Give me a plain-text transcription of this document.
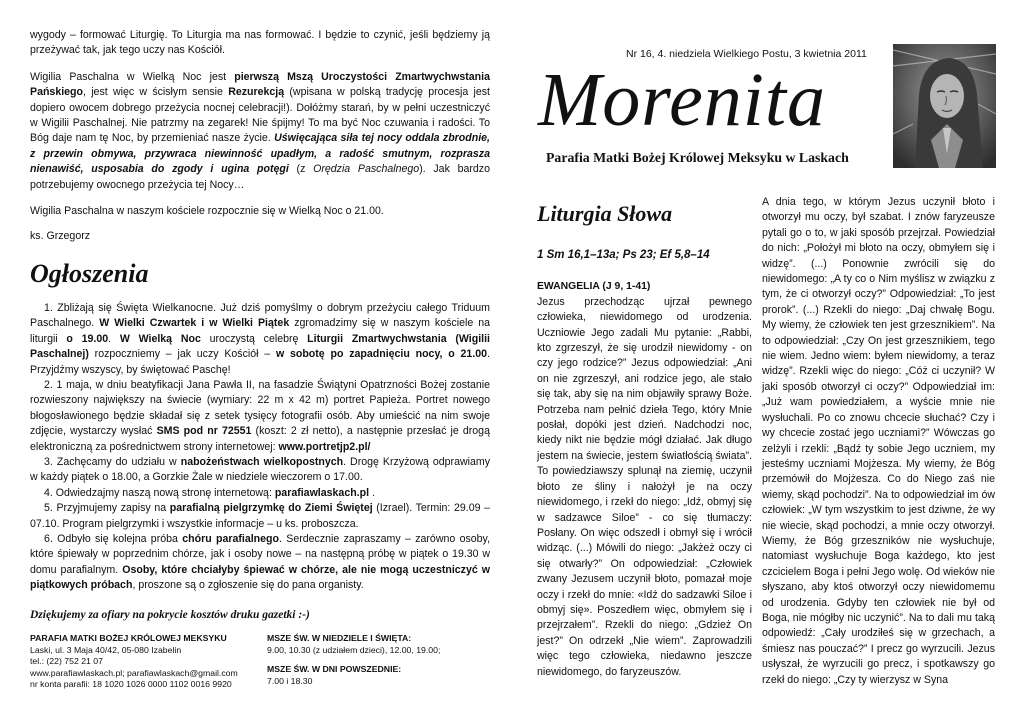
wygody – formować Liturgię. To Liturgia ma nas formować. I będzie to czynić, jeśli będziemy ją przeżywać tak, jak tego uczy nas Kościół.

Wigilia Paschalna w Wielką Noc jest pierwszą Mszą Uroczystości Zmartwychwstania Pańskiego, jest więc w ścisłym sensie Rezurekcją (wpisana w polską tradycję procesja jest dopiero owocem dobrego przeżycia nocnej celebracji!). Dołóżmy starań, by w pełni uczestniczyć w Wigilii Paschalnej. Nie patrzmy na zegarek! Nie śpijmy! To ma być Noc czuwania i radości. To Bóg daje nam tę Noc, by przemieniać nasze życie. Uświęcająca siła tej nocy oddala zbrodnie, z przewin obmywa, przywraca niewinność upadłym, a radość smutnym, rozprasza nienawiść, usposabia do zgody i ugina potęgi (z Orędzia Paschalnego). Jak bardzo potrzebujemy owocnego przeżycia tej Nocy…

Wigilia Paschalna w naszym kościele rozpocznie się w Wielką Noc o 21.00.

ks. Grzegorz

Ogłoszenia

1. Zbliżają się Święta Wielkanocne. Już dziś pomyślmy o dobrym przeżyciu całego Triduum Paschalnego. W Wielki Czwartek i w Wielki Piątek zgromadzimy się w naszym kościele na liturgii o 19.00. W Wielką Noc uroczystą celebrę Liturgii Zmartwychwstania (Wigilii Paschalnej) rozpoczniemy – jak uczy Kościół – w sobotę po zapadnięciu nocy, o 21.00. Przyjdźmy wszyscy, by świętować Paschę!

2. 1 maja, w dniu beatyfikacji Jana Pawła II, na fasadzie Świątyni Opatrzności Bożej zostanie rozwieszony największy na świecie (wymiary: 22 m x 42 m) portret Papieża. Portret nowego błogosławionego będzie składał się z setek tysięcy fotografii osób. Aby umieścić na nim swoje zdjęcie, wystarczy wysłać SMS pod nr 72551 (koszt: 2 zł netto), a następnie przesłać je drogą elektroniczną za pośrednictwem strony internetowej: www.portretjp2.pl/

3. Zachęcamy do udziału w nabożeństwach wielkopostnych. Drogę Krzyżową odprawiamy w każdy piątek o 18.00, a Gorzkie Żale w niedziele wieczorem o 17.00.

4. Odwiedzajmy naszą nową stronę internetową: parafiawlaskach.pl .

5. Przyjmujemy zapisy na parafialną pielgrzymkę do Ziemi Świętej (Izrael). Termin: 29.09 – 07.10. Program pielgrzymki i wszystkie informacje – u ks. proboszcza.

6. Odbyło się kolejna próba chóru parafialnego. Serdecznie zapraszamy – zarówno osoby, które śpiewały w poprzednim chórze, jak i osoby nowe – na następną próbę w piątek o 19.30 w domu parafialnym. Osoby, które chciałyby śpiewać w chórze, ale nie mogą uczestniczyć w piątkowych próbach, proszone są o zgłoszenie się do pana organisty.

Dziękujemy za ofiary na pokrycie kosztów druku gazetki :-)

PARAFIA MATKI BOŻEJ KRÓLOWEJ MEKSYKU
Laski, ul. 3 Maja 40/42, 05-080 Izabelin
tel.: (22) 752 21 07
www.parafiawlaskach.pl; parafiawlaskach@gmail.com
nr konta parafii: 18 1020 1026 0000 1102 0016 9920
MSZE ŚW. W NIEDZIELE I ŚWIĘTA:
9.00, 10.30 (z udziałem dzieci), 12.00, 19.00;
MSZE ŚW. W DNI POWSZEDNIE:
7.00 i 18.30
Nr 16, 4. niedziela Wielkiego Postu, 3 kwietnia 2011
Morenita
Parafia Matki Bożej Królowej Meksyku w Laskach
Liturgia Słowa
1 Sm 16,1–13a; Ps 23; Ef 5,8–14
EWANGELIA (J 9, 1-41)

Jezus przechodząc ujrzał pewnego człowieka, niewidomego od urodzenia. Uczniowie Jego zadali Mu pytanie: „Rabbi, kto zgrzeszył, że się urodził niewidomy - on czy jego rodzice?” Jezus odpowiedział: „Ani on nie zgrzeszył, ani rodzice jego, ale stało się tak, aby się na nim objawiły sprawy Boże. Potrzeba nam pełnić dzieła Tego, który Mnie posłał, dopóki jest dzień. Nadchodzi noc, kiedy nikt nie będzie mógł działać. Jak długo jestem na świecie, jestem światłością świata”. To powiedziawszy splunął na ziemię, uczynił błoto ze śliny i nałożył je na oczy niewidomego, i rzekł do niego: „Idź, obmyj się w sadzawce Siloe” - co się tłumaczy: Posłany. On więc odszedł i obmył się i wrócił widząc. (...) Mówili do niego: „Jakżeż oczy ci się otwarły?” On odpowiedział: „Człowiek zwany Jezusem uczynił błoto, pomazał moje oczy i rzekł do mnie: «Idź do sadzawki Siloe i obmyj się». Poszedłem więc, obmyłem się i przejrzałem”. Rzekli do niego: „Gdzież On jest?” On odrzekł „Nie wiem”. Zaprowadzili więc tego człowieka, niedawno jeszcze niewidomego, do faryzeuszów.

A dnia tego, w którym Jezus uczynił błoto i otworzył mu oczy, był szabat. I znów faryzeusze pytali go o to, w jaki sposób przejrzał. Powiedział do nich: „Położył mi błoto na oczy, obmyłem się i widzę”. (...) Ponownie zwrócili się do niewidomego: „A ty co o Nim myślisz w związku z tym, że ci otworzył oczy?” Odpowiedział: „To jest prorok”. (...) Rzekli do niego: „Daj chwałę Bogu. My wiemy, że człowiek ten jest grzesznikiem”. Na to odpowiedział: „Czy On jest grzesznikiem, tego nie wiem. Jedno wiem: byłem niewidomy, a teraz widzę”. Rzekli więc do niego: „Cóż ci uczynił? W jaki sposób otworzył ci oczy?” Odpowiedział im: „Już wam powiedziałem, a wyście mnie nie wysłuchali. Po co znowu chcecie słuchać? Czy i wy chcecie zostać jego uczniami?” Wówczas go zelżyli i rzekli: „Bądź ty sobie Jego uczniem, my jesteśmy uczniami Mojżesza. My wiemy, że Bóg przemówił do Mojżesza. Co do Niego zaś nie wiemy, skąd pochodzi”. Na to odpowiedział im ów człowiek: „W tym wszystkim to jest dziwne, że wy nie wiecie, skąd pochodzi, a mnie oczy otworzył. Wiemy, że Bóg grzeszników nie wysłuchuje, natomiast wysłuchuje Boga każdego, kto jest czcicielem Boga i pełni Jego wolę. Od wieków nie słyszano, aby ktoś otworzył oczy niewidomemu od urodzenia. Gdyby ten człowiek nie był od Boga, nie mógłby nic uczynić”. Na to dali mu taką odpowiedź: „Cały urodziłeś się w grzechach, a śmiesz nas pouczać?” I precz go wyrzucili. Jezus usłyszał, że wyrzucili go precz, i spotkawszy go rzekł do niego: „Czy ty wierzysz w Syna
